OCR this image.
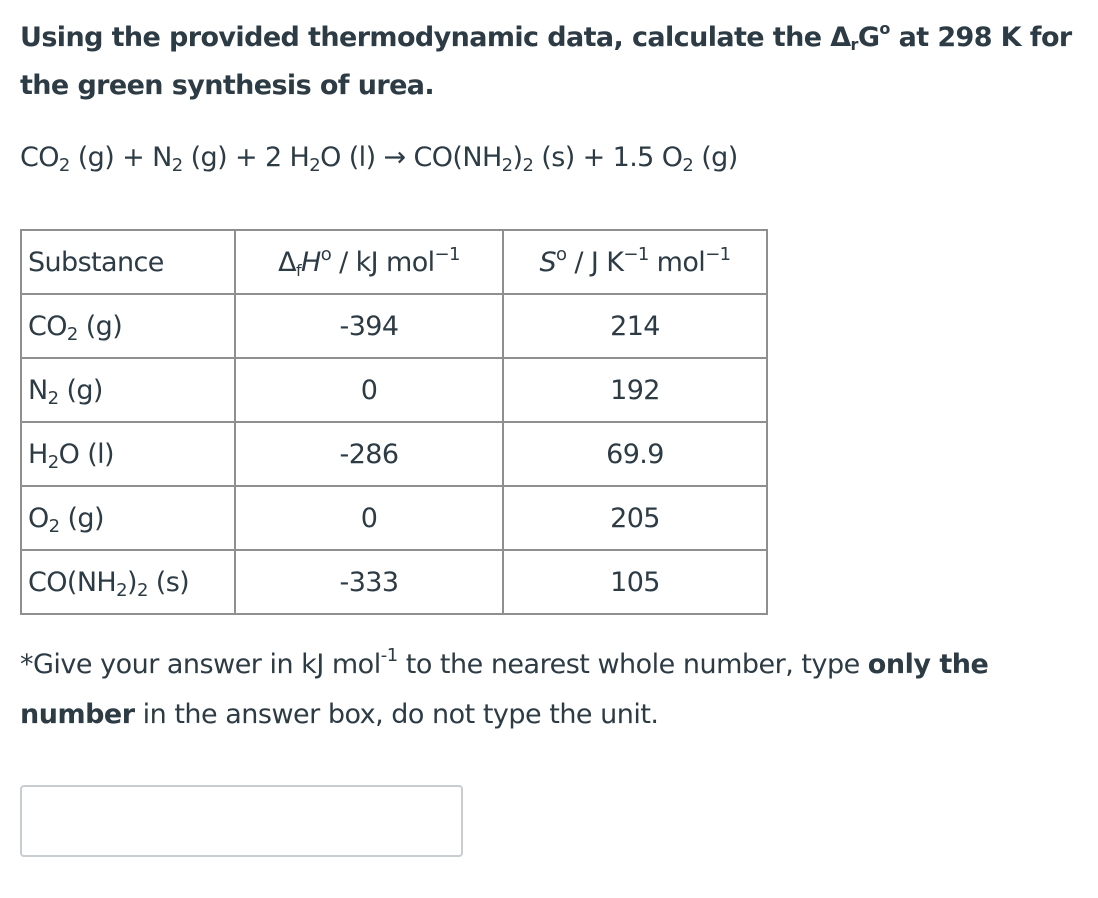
Using the provided thermodynamic data, calculate the $\Delta_rG^o$ at 298 K for the green synthesis of urea.
$CO_2$ $(g) + N_2$ (g) + 2 $H_2O$ $(l) \to CO(NH_2)_2$ (s) + 1.5 $O_2$ (g)
Substance	ΔfH$^o$ / kJ mol$^{-1}$	$S^o$ / J $K^{-1}$ mol$^{-1}$
$CO_2$ (g)	-394	214
$N_2$ (g)	0	192
$H_2O$ (l)	-286	69.9
$O_2$ (g)	0	205
$CO(NH_2)_2$ (s)	-333	105
*Give your answer in kJ mol$^{-1}$ to the nearest whole number, type only the number in the answer box, do not type the unit.
